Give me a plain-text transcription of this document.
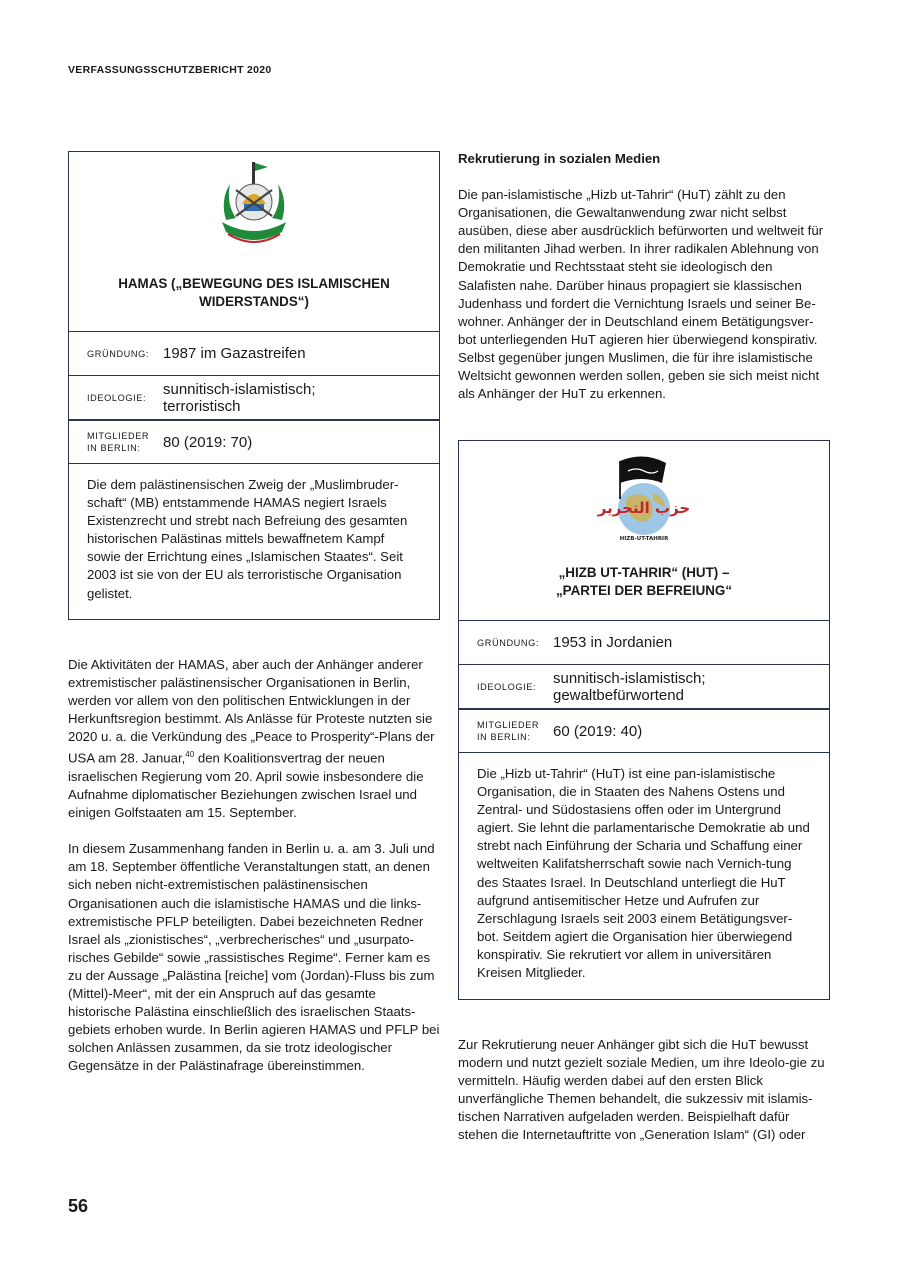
VERFASSUNGSSCHUTZBERICHT 2020
HAMAS („BEWEGUNG DES ISLAMISCHEN WIDERSTANDS“)
GRÜNDUNG: 1987 im Gazastreifen
IDEOLOGIE:	sunnitisch-islamistisch; terroristisch
MITGLIEDER IN BERLIN:	80 (2019: 70)
Die dem palästinensischen Zweig der „Muslimbruder-schaft“ (MB) entstammende HAMAS negiert Israels Existenzrecht und strebt nach Befreiung des gesamten historischen Palästinas mittels bewaffnetem Kampf sowie der Errichtung eines „Islamischen Staates“. Seit 2003 ist sie von der EU als terroristische Organisation gelistet.

Die Aktivitäten der HAMAS, aber auch der Anhänger anderer extremistischer palästinensischer Organisationen in Berlin, werden vor allem von den politischen Entwicklungen in der Herkunftsregion bestimmt. Als Anlässe für Proteste nutzten sie 2020 u. a. die Verkündung des „Peace to Prosperity“-Plans der USA am 28. Januar,$^{40}$ den Koalitionsvertrag der neuen israelischen Regierung vom 20. April sowie insbesondere die Aufnahme diplomatischer Beziehungen zwischen Israel und einigen Golfstaaten am 15. September.

In diesem Zusammenhang fanden in Berlin u. a. am 3. Juli und am 18. September öffentliche Veranstaltungen statt, an denen sich neben nicht-extremistischen palästinensischen Organisationen auch die islamistische HAMAS und die links-extremistische PFLP beteiligten. Dabei bezeichneten Redner Israel als „zionistisches“, „verbrecherisches“ und „usurpato-risches Gebilde“ sowie „rassistisches Regime“. Ferner kam es zu der Aussage „Palästina [reiche] vom (Jordan)-Fluss bis zum (Mittel)-Meer“, mit der ein Anspruch auf das gesamte historische Palästina einschließlich des israelischen Staats-gebiets erhoben wurde. In Berlin agieren HAMAS und PFLP bei solchen Anlässen zusammen, da sie trotz ideologischer Gegensätze in der Palästinafrage übereinstimmen.

Rekrutierung in sozialen Medien

Die pan-islamistische „Hizb ut-Tahrir“ (HuT) zählt zu den Organisationen, die Gewaltanwendung zwar nicht selbst ausüben, diese aber ausdrücklich befürworten und weltweit für den militanten Jihad werben. In ihrer radikalen Ablehnung von Demokratie und Rechtsstaat steht sie ideologisch den Salafisten nahe. Darüber hinaus propagiert sie klassischen Judenhass und fordert die Vernichtung Israels und seiner Be-wohner. Anhänger der in Deutschland einem Betätigungsver-bot unterliegenden HuT agieren hier überwiegend konspirativ. Selbst gegenüber jungen Muslimen, die für ihre islamistische Weltsicht gewonnen werden sollen, geben sie sich meist nicht als Anhänger der HuT zu erkennen.

حزب التحرير
HIZB-UT-TAHRIR
„HIZB UT-TAHRIR“ (HUT) – „PARTEI DER BEFREIUNG“
GRÜNDUNG: 1953 in Jordanien
IDEOLOGIE:	sunnitisch-islamistisch; gewaltbefürwortend
MITGLIEDER IN BERLIN:	60 (2019: 40)
Die „Hizb ut-Tahrir“ (HuT) ist eine pan-islamistische Organisation, die in Staaten des Nahens Ostens und Zentral- und Südostasiens offen oder im Untergrund agiert. Sie lehnt die parlamentarische Demokratie ab und strebt nach Einführung der Scharia und Schaffung einer weltweiten Kalifatsherrschaft sowie nach Vernich-tung des Staates Israel. In Deutschland unterliegt die HuT aufgrund antisemitischer Hetze und Aufrufen zur Zerschlagung Israels seit 2003 einem Betätigungsver-bot. Seitdem agiert die Organisation hier überwiegend konspirativ. Sie rekrutiert vor allem in universitären Kreisen Mitglieder.

Zur Rekrutierung neuer Anhänger gibt sich die HuT bewusst modern und nutzt gezielt soziale Medien, um ihre Ideolo-gie zu vermitteln. Häufig werden dabei auf den ersten Blick unverfängliche Themen behandelt, die sukzessiv mit islamis-tischen Narrativen aufgeladen werden. Beispielhaft dafür stehen die Internetauftritte von „Generation Islam“ (GI) oder

56
